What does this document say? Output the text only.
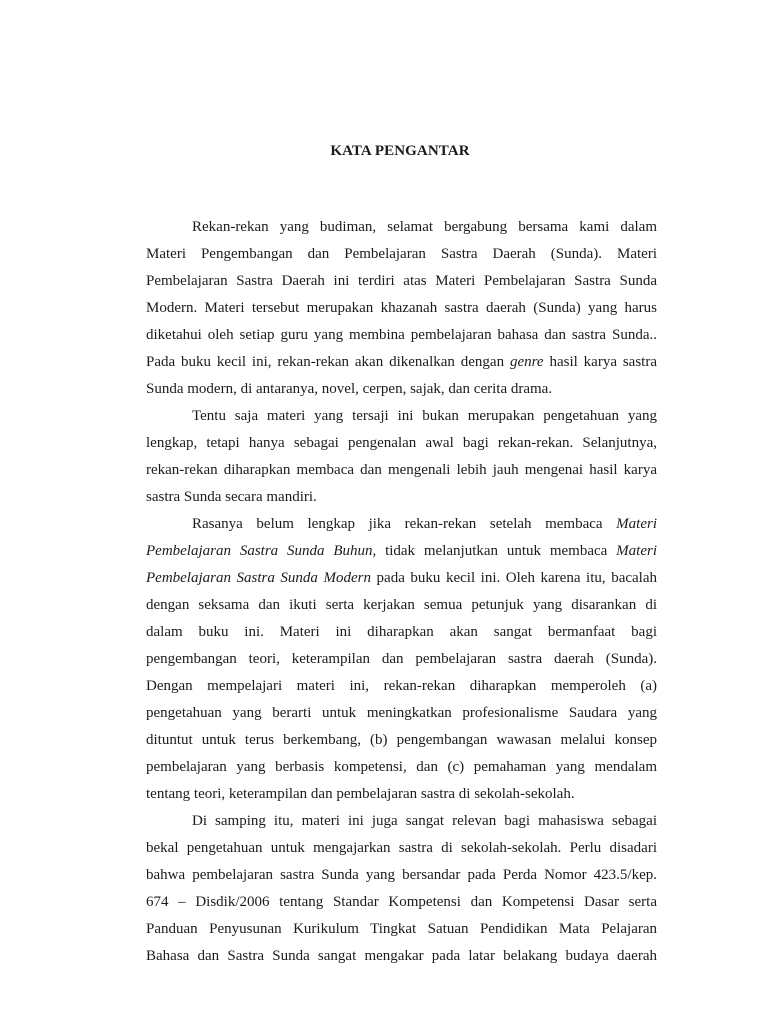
KATA PENGANTAR
Rekan-rekan yang budiman, selamat bergabung bersama kami dalam
Materi Pengembangan dan Pembelajaran Sastra Daerah (Sunda). Materi
Pembelajaran Sastra Daerah ini terdiri atas Materi Pembelajaran Sastra Sunda
Modern. Materi tersebut merupakan khazanah sastra daerah (Sunda) yang harus
diketahui oleh setiap guru yang membina pembelajaran bahasa dan sastra Sunda..
Pada buku kecil ini, rekan-rekan akan dikenalkan dengan genre hasil karya sastra
Sunda modern, di antaranya, novel, cerpen, sajak, dan cerita drama.
Tentu saja materi yang tersaji ini bukan merupakan pengetahuan yang
lengkap, tetapi hanya sebagai pengenalan awal bagi rekan-rekan. Selanjutnya,
rekan-rekan diharapkan membaca dan mengenali lebih jauh mengenai hasil karya
sastra Sunda secara mandiri.
Rasanya belum lengkap jika rekan-rekan setelah membaca Materi
Pembelajaran Sastra Sunda Buhun, tidak melanjutkan untuk membaca Materi
Pembelajaran Sastra Sunda Modern pada buku kecil ini. Oleh karena itu, bacalah
dengan seksama dan ikuti serta kerjakan semua petunjuk yang disarankan di
dalam buku ini. Materi ini diharapkan akan sangat bermanfaat bagi
pengembangan teori, keterampilan dan pembelajaran sastra daerah (Sunda).
Dengan mempelajari materi ini, rekan-rekan diharapkan memperoleh (a)
pengetahuan yang berarti untuk meningkatkan profesionalisme Saudara yang
dituntut untuk terus berkembang, (b) pengembangan wawasan melalui konsep
pembelajaran yang berbasis kompetensi, dan (c) pemahaman yang mendalam
tentang teori, keterampilan dan pembelajaran sastra di sekolah-sekolah.
Di samping itu, materi ini juga sangat relevan bagi mahasiswa sebagai
bekal pengetahuan untuk mengajarkan sastra di sekolah-sekolah. Perlu disadari
bahwa pembelajaran sastra Sunda yang bersandar pada Perda Nomor 423.5/kep.
674 – Disdik/2006 tentang Standar Kompetensi dan Kompetensi Dasar serta
Panduan Penyusunan Kurikulum Tingkat Satuan Pendidikan Mata Pelajaran
Bahasa dan Sastra Sunda sangat mengakar pada latar belakang budaya daerah
